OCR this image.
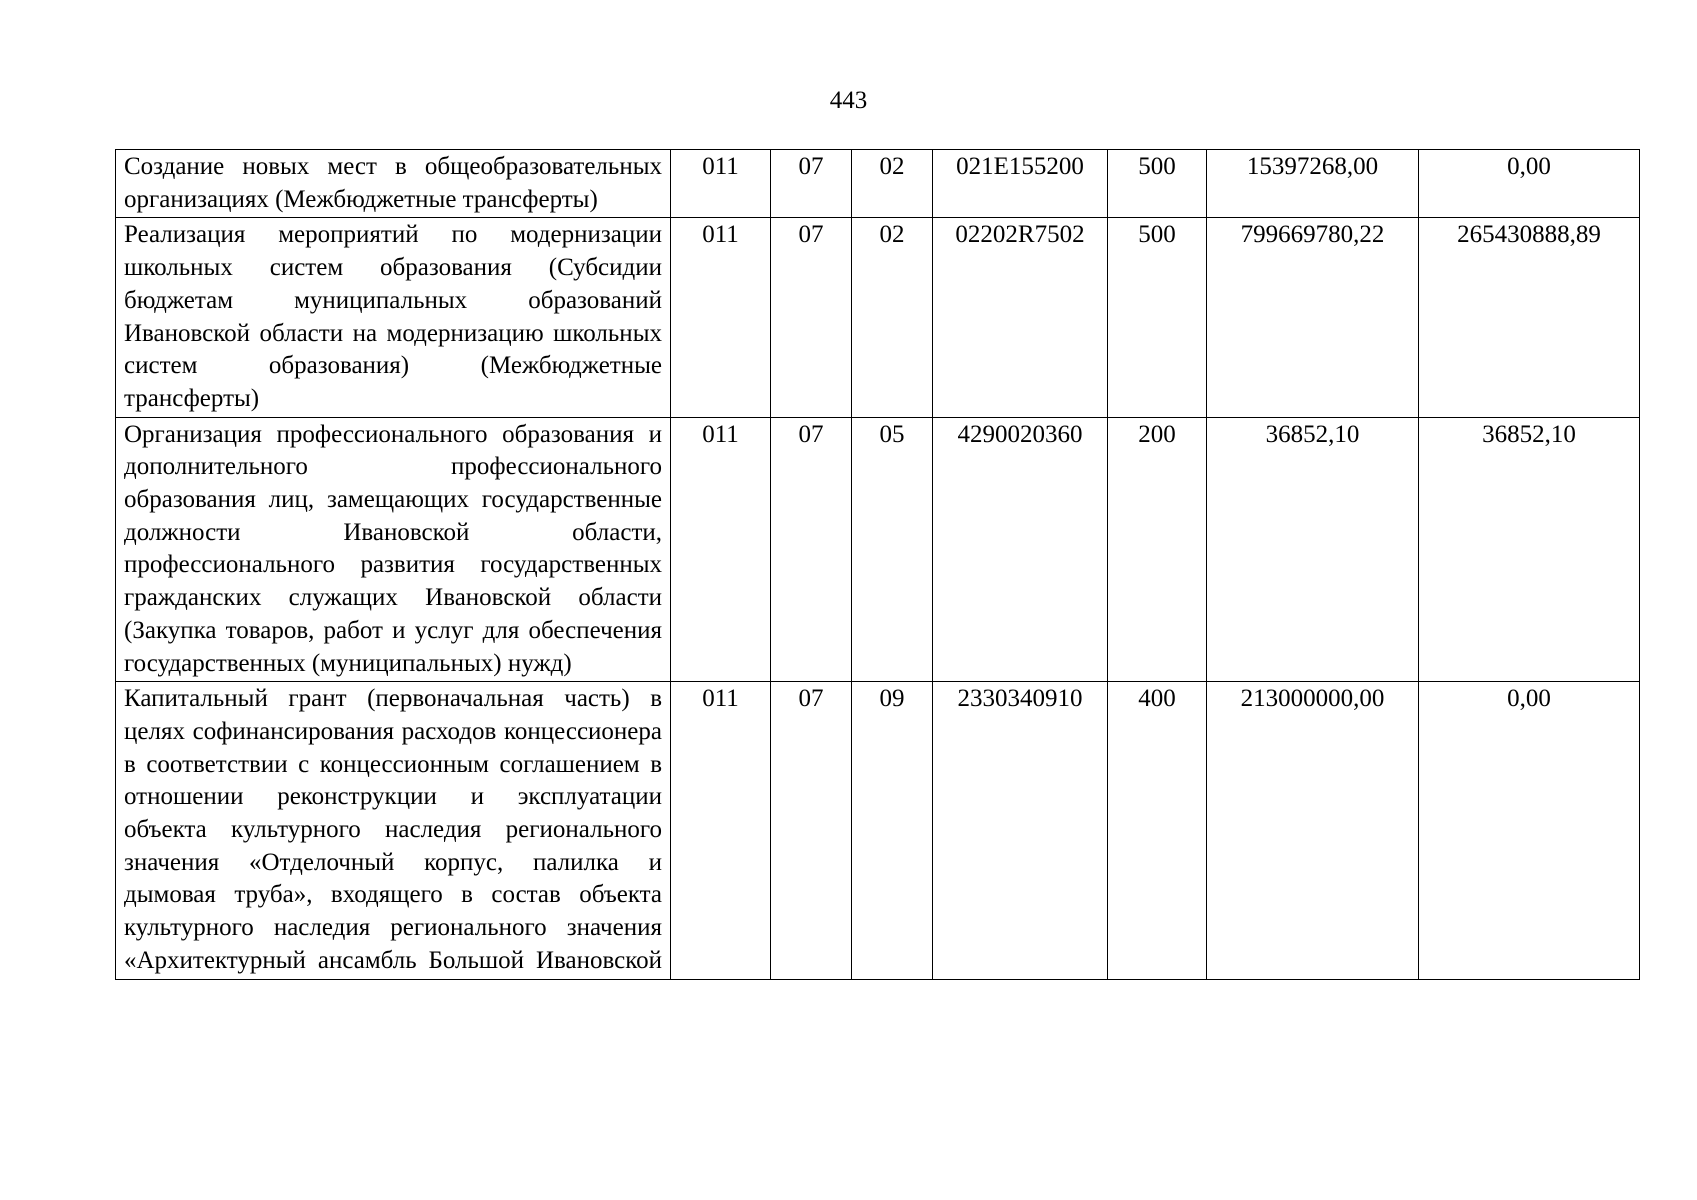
443
Создание новых мест в общеобразовательных организациях (Межбюджетные трансферты)	011	07	02	021E155200	500	15397268,00	0,00
Реализация мероприятий по модернизации школьных систем образования (Субсидии бюджетам муниципальных образований Ивановской области на модернизацию школьных систем образования) (Межбюджетные трансферты)	011	07	02	02202R7502	500	799669780,22	265430888,89
Организация профессионального образования и дополнительного профессионального образования лиц, замещающих государственные должности Ивановской области, профессионального развития государственных гражданских служащих Ивановской области (Закупка товаров, работ и услуг для обеспечения государственных (муниципальных) нужд)	011	07	05	4290020360	200	36852,10	36852,10
Капитальный грант (первоначальная часть) в целях софинансирования расходов концессионера в соответствии с концессионным соглашением в отношении реконструкции и эксплуатации объекта культурного наследия регионального значения «Отделочный корпус, палилка и дымовая труба», входящего в состав объекта культурного наследия регионального значения «Архитектурный ансамбль Большой Ивановской	011	07	09	2330340910	400	213000000,00	0,00
